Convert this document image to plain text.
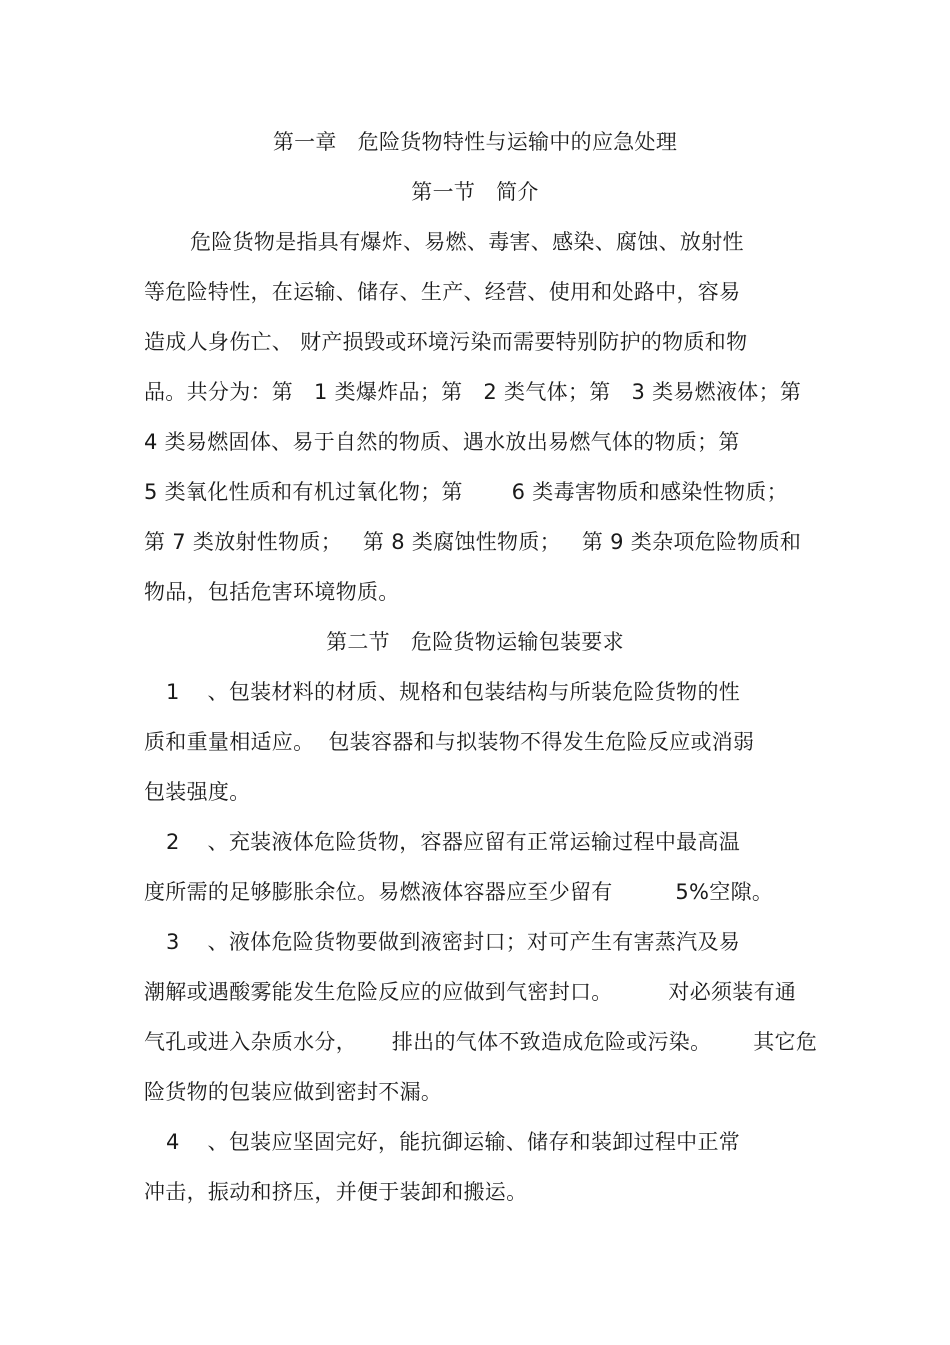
第一章   危险货物特性与运输中的应急处理
第一节   简介
危险货物是指具有爆炸、易燃、毒害、感染、腐蚀、放射性
等危险特性，在运输、储存、生产、经营、使用和处路中，容易
造成人身伤亡、 财产损毁或环境污染而需要特别防护的物质和物
品。共分为：第   1 类爆炸品；第   2 类气体；第   3 类易燃液体；第
4 类易燃固体、易于自然的物质、遇水放出易燃气体的物质；第
5 类氧化性质和有机过氧化物；第       6 类毒害物质和感染性物质；
第 7 类放射性物质；   第 8 类腐蚀性物质；   第 9 类杂项危险物质和
物品，包括危害环境物质。
第二节   危险货物运输包装要求
1    、包装材料的材质、规格和包装结构与所装危险货物的性
质和重量相适应。  包装容器和与拟装物不得发生危险反应或消弱
包装强度。
2    、充装液体危险货物，容器应留有正常运输过程中最高温
度所需的足够膨胀余位。易燃液体容器应至少留有         5%空隙。
3    、液体危险货物要做到液密封口；对可产生有害蒸汽及易
潮解或遇酸雾能发生危险反应的应做到气密封口。        对必须装有通
气孔或进入杂质水分，     排出的气体不致造成危险或污染。      其它危
险货物的包装应做到密封不漏。
4    、包装应坚固完好，能抗御运输、储存和装卸过程中正常
冲击，振动和挤压，并便于装卸和搬运。
